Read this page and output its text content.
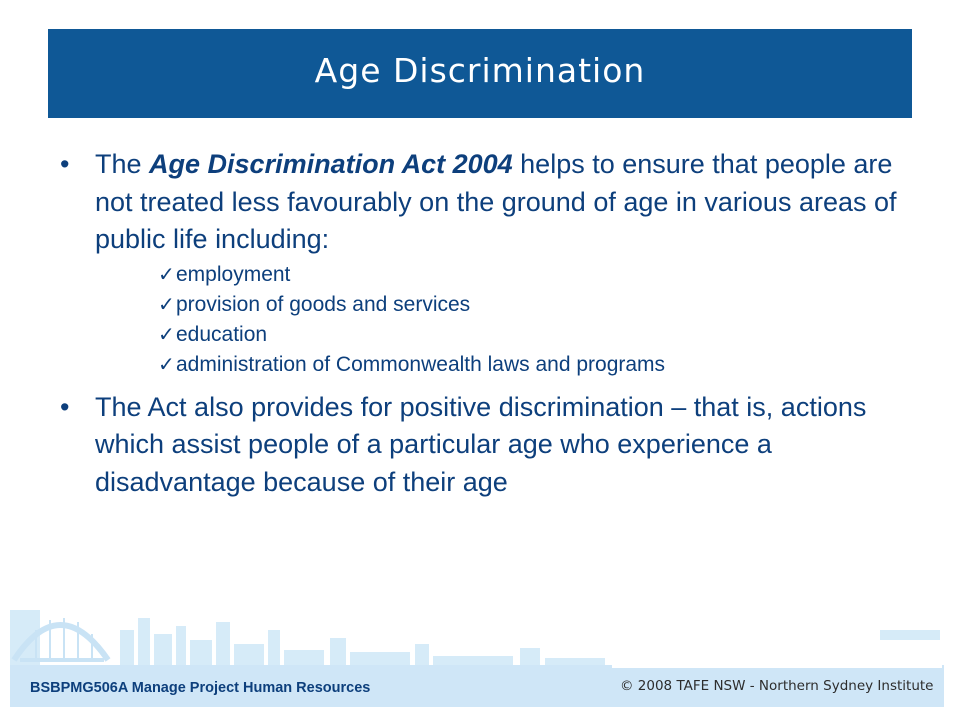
Age Discrimination
• The Age Discrimination Act 2004 helps to ensure that people are not treated less favourably on the ground of age in various areas of public life including:
✓ employment
✓ provision of goods and services
✓ education
✓ administration of Commonwealth laws and programs
• The Act also provides for positive discrimination – that is, actions which assist people of a particular age who experience a disadvantage because of their age
BSBPMG506A Manage Project Human Resources	© 2008 TAFE NSW - Northern Sydney Institute
